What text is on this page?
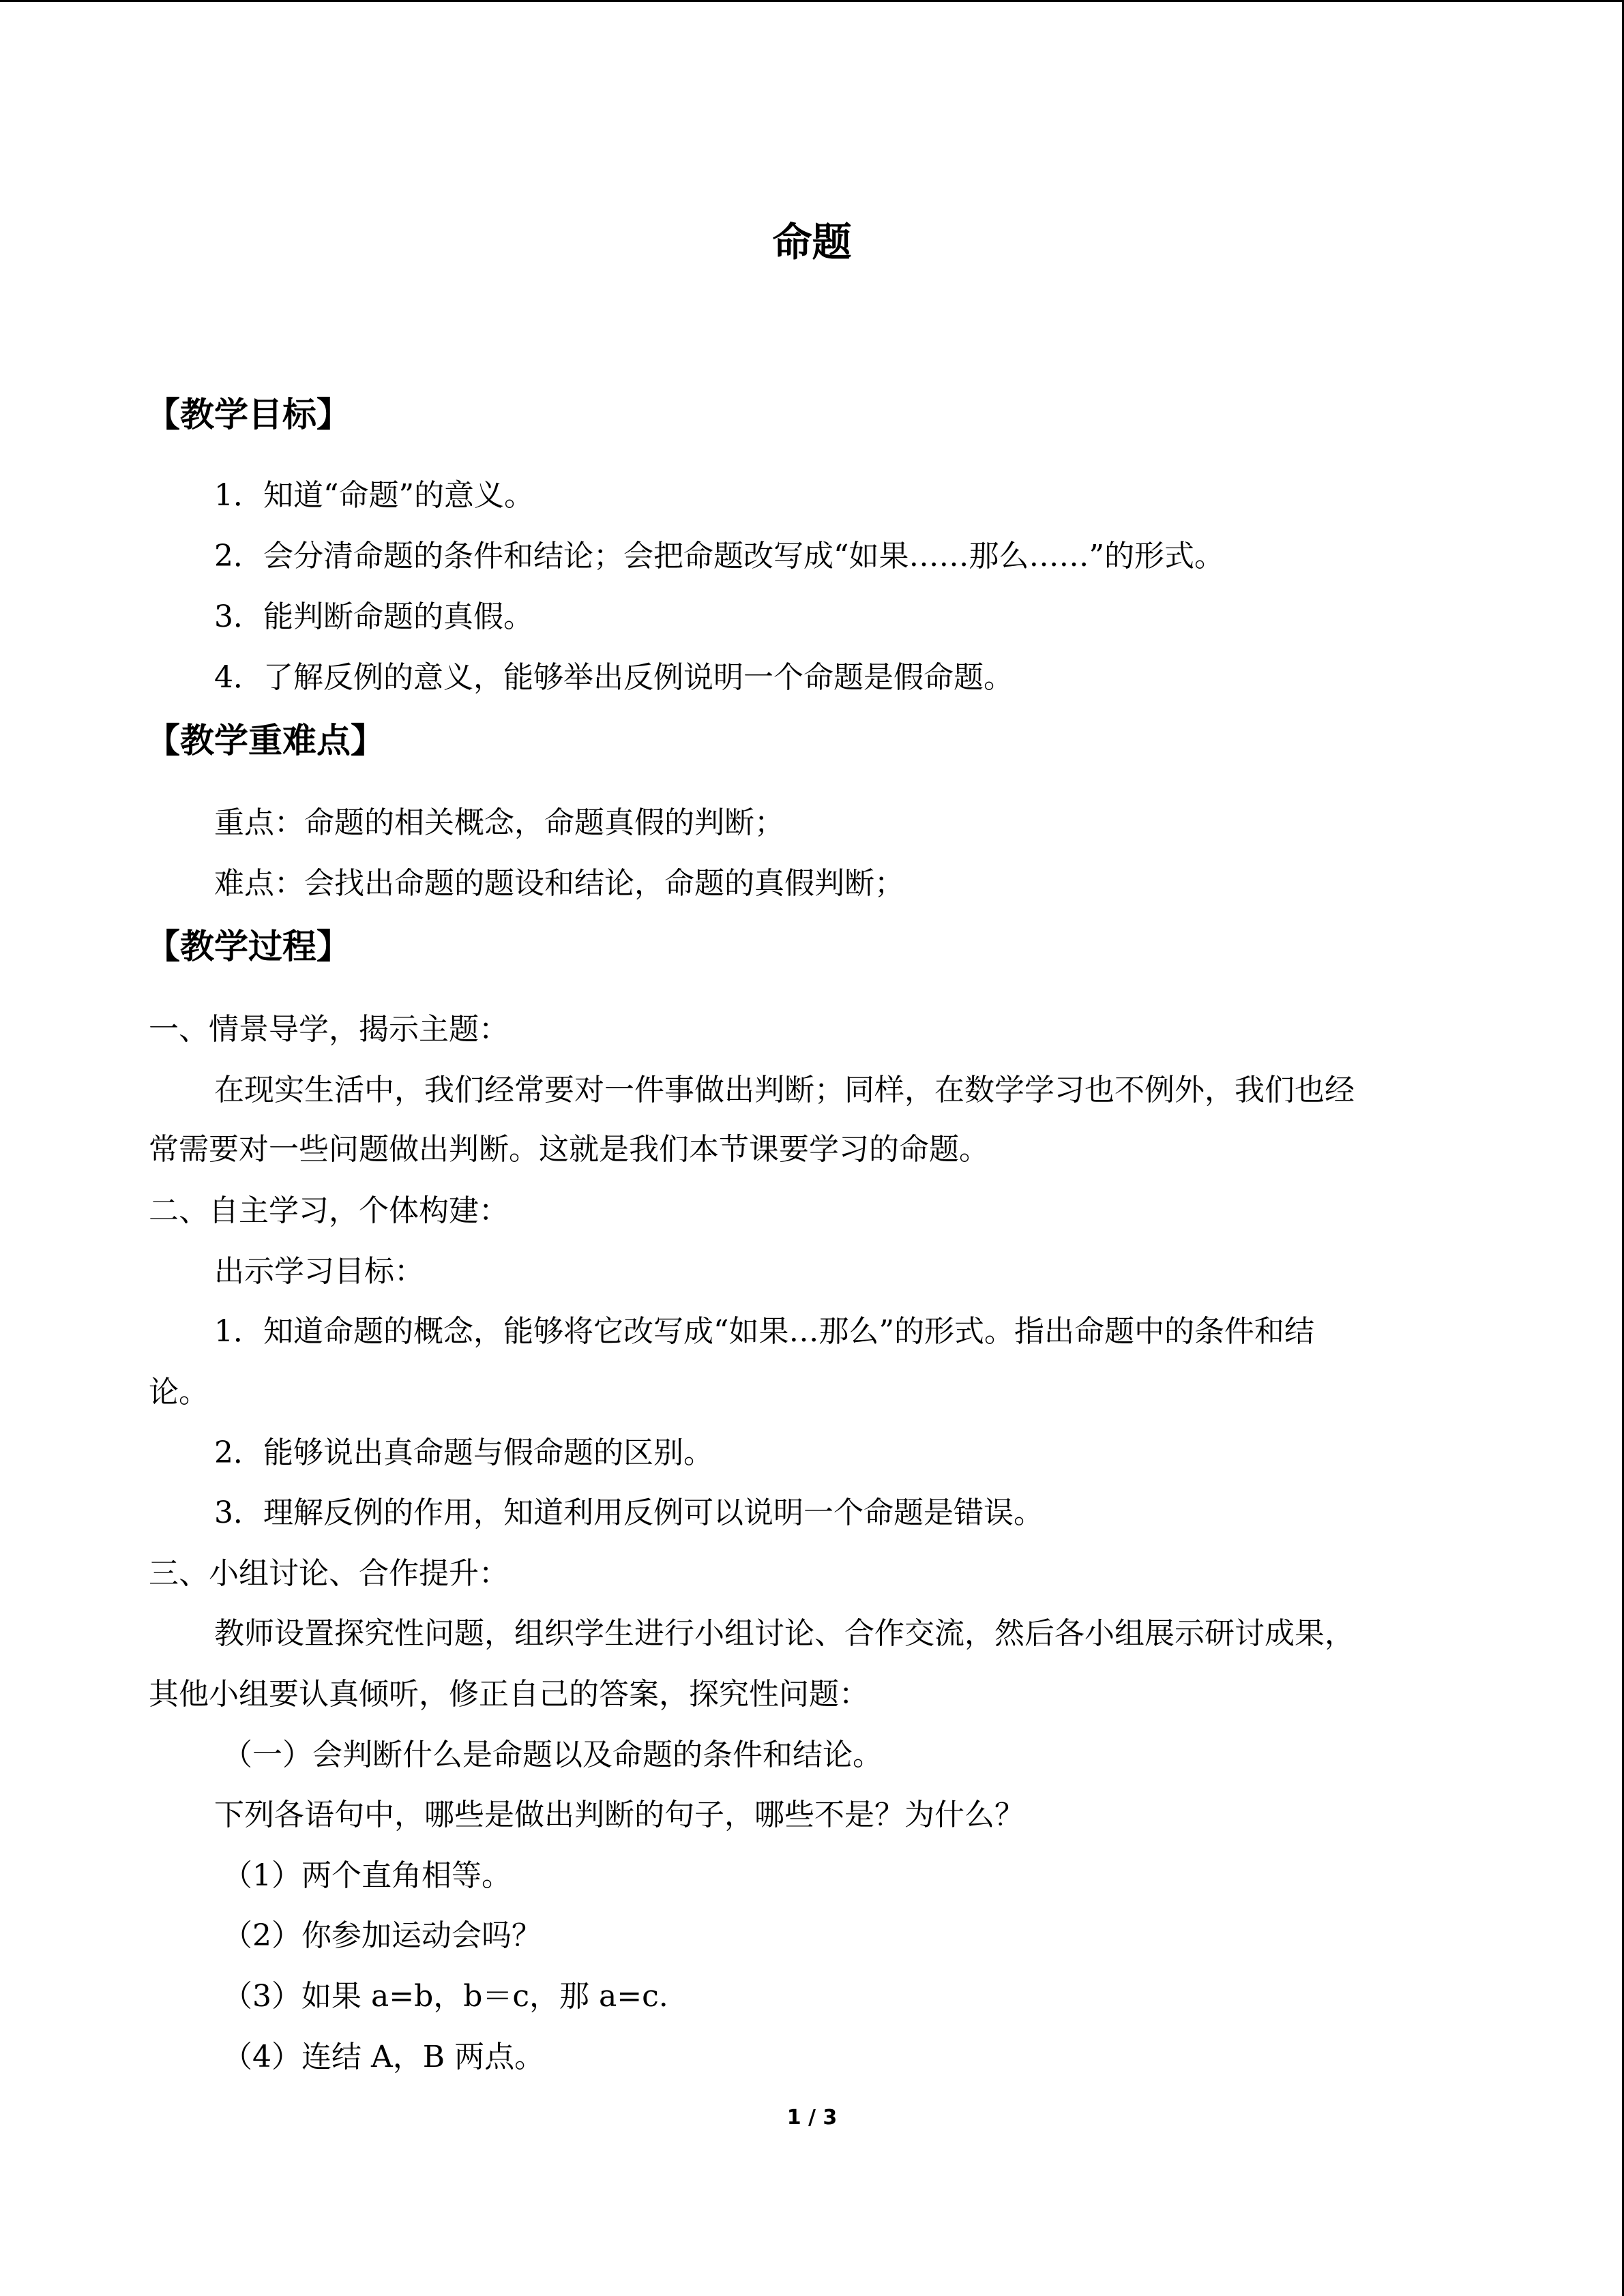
命题
【教学目标】
1．知道“命题”的意义。
2．会分清命题的条件和结论；会把命题改写成“如果……那么……”的形式。
3．能判断命题的真假。
4．了解反例的意义，能够举出反例说明一个命题是假命题。
【教学重难点】
重点：命题的相关概念，命题真假的判断；
难点：会找出命题的题设和结论，命题的真假判断；
【教学过程】
一、情景导学，揭示主题：
在现实生活中，我们经常要对一件事做出判断；同样，在数学学习也不例外，我们也经
常需要对一些问题做出判断。这就是我们本节课要学习的命题。
二、自主学习，个体构建：
出示学习目标：
1．知道命题的概念，能够将它改写成“如果…那么”的形式。指出命题中的条件和结
论。
2．能够说出真命题与假命题的区别。
3．理解反例的作用，知道利用反例可以说明一个命题是错误。
三、小组讨论、合作提升：
教师设置探究性问题，组织学生进行小组讨论、合作交流，然后各小组展示研讨成果，
其他小组要认真倾听，修正自己的答案，探究性问题：
（一）会判断什么是命题以及命题的条件和结论。
下列各语句中，哪些是做出判断的句子，哪些不是？为什么？
（1）两个直角相等。
（2）你参加运动会吗？
（3）如果 a=b，b＝c，那 a=c.
（4）连结 A，B 两点。
1 / 3
